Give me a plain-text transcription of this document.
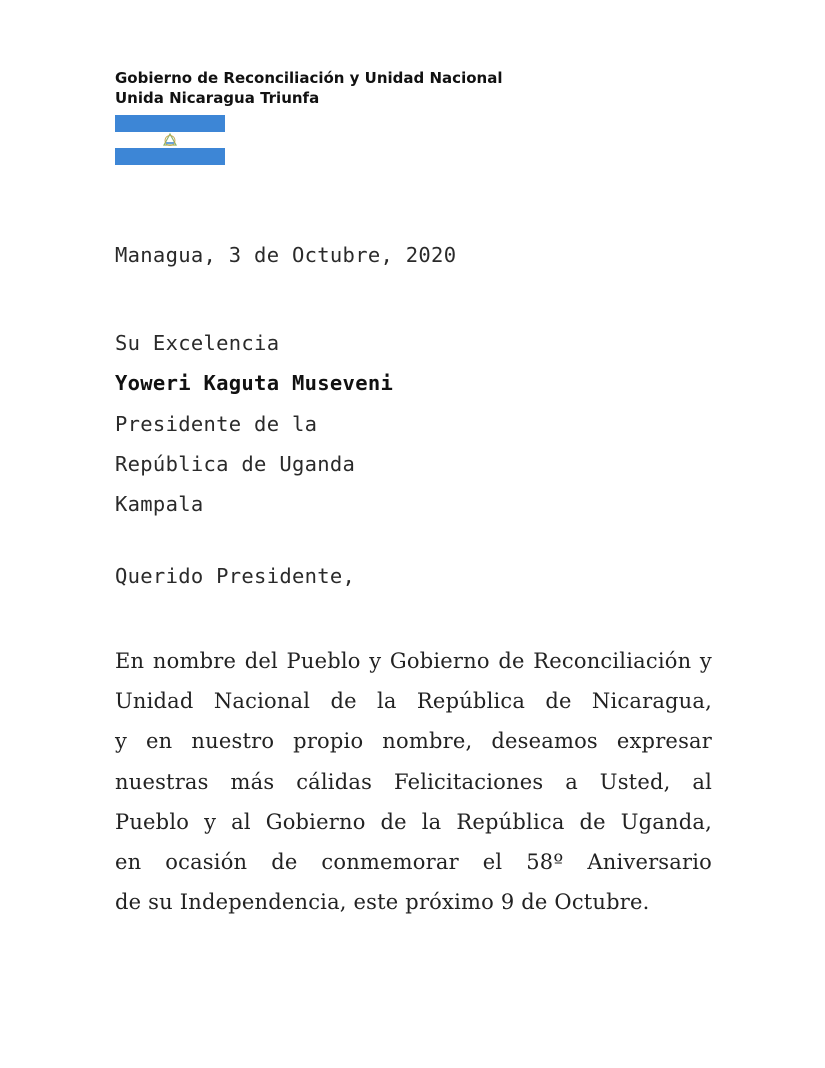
Gobierno de Reconciliación y Unidad Nacional
Unida Nicaragua Triunfa
Managua, 3 de Octubre, 2020
Su Excelencia
Yoweri Kaguta Museveni
Presidente de la
República de Uganda
Kampala
Querido Presidente,
En nombre del Pueblo y Gobierno de Reconciliación y
Unidad Nacional de la República de Nicaragua,
y en nuestro propio nombre, deseamos expresar
nuestras más cálidas Felicitaciones a Usted, al
Pueblo y al Gobierno de la República de Uganda,
en ocasión de conmemorar el 58º Aniversario
de su Independencia, este próximo 9 de Octubre.
